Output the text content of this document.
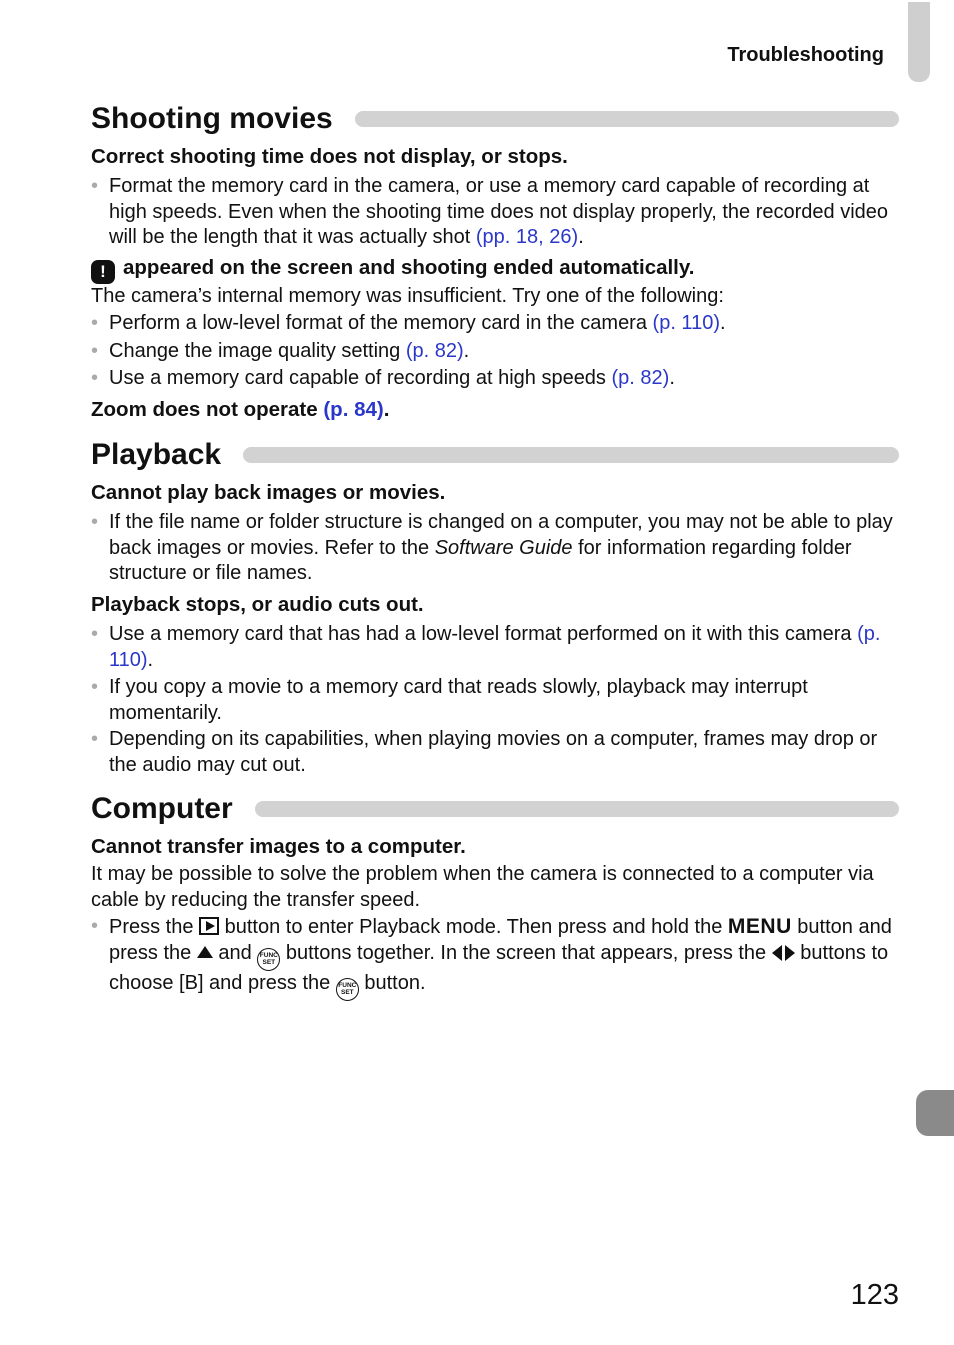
Troubleshooting
Shooting movies
Correct shooting time does not display, or stops.
• Format the memory card in the camera, or use a memory card capable of recording at high speeds. Even when the shooting time does not display properly, the recorded video will be the length that it was actually shot (pp. 18, 26).
! appeared on the screen and shooting ended automatically.
The camera’s internal memory was insufficient. Try one of the following:
• Perform a low-level format of the memory card in the camera (p. 110).
• Change the image quality setting (p. 82).
• Use a memory card capable of recording at high speeds (p. 82).
Zoom does not operate (p. 84).
Playback
Cannot play back images or movies.
• If the file name or folder structure is changed on a computer, you may not be able to play back images or movies. Refer to the Software Guide for information regarding folder structure or file names.
Playback stops, or audio cuts out.
• Use a memory card that has had a low-level format performed on it with this camera (p. 110).
• If you copy a movie to a memory card that reads slowly, playback may interrupt momentarily.
• Depending on its capabilities, when playing movies on a computer, frames may drop or the audio may cut out.
Computer
Cannot transfer images to a computer.
It may be possible to solve the problem when the camera is connected to a computer via cable by reducing the transfer speed.
• Press the  button to enter Playback mode. Then press and hold the MENU button and press the  and FUNC
SET buttons together. In the screen that appears, press the  buttons to choose [B] and press the FUNC
SET button.
123
